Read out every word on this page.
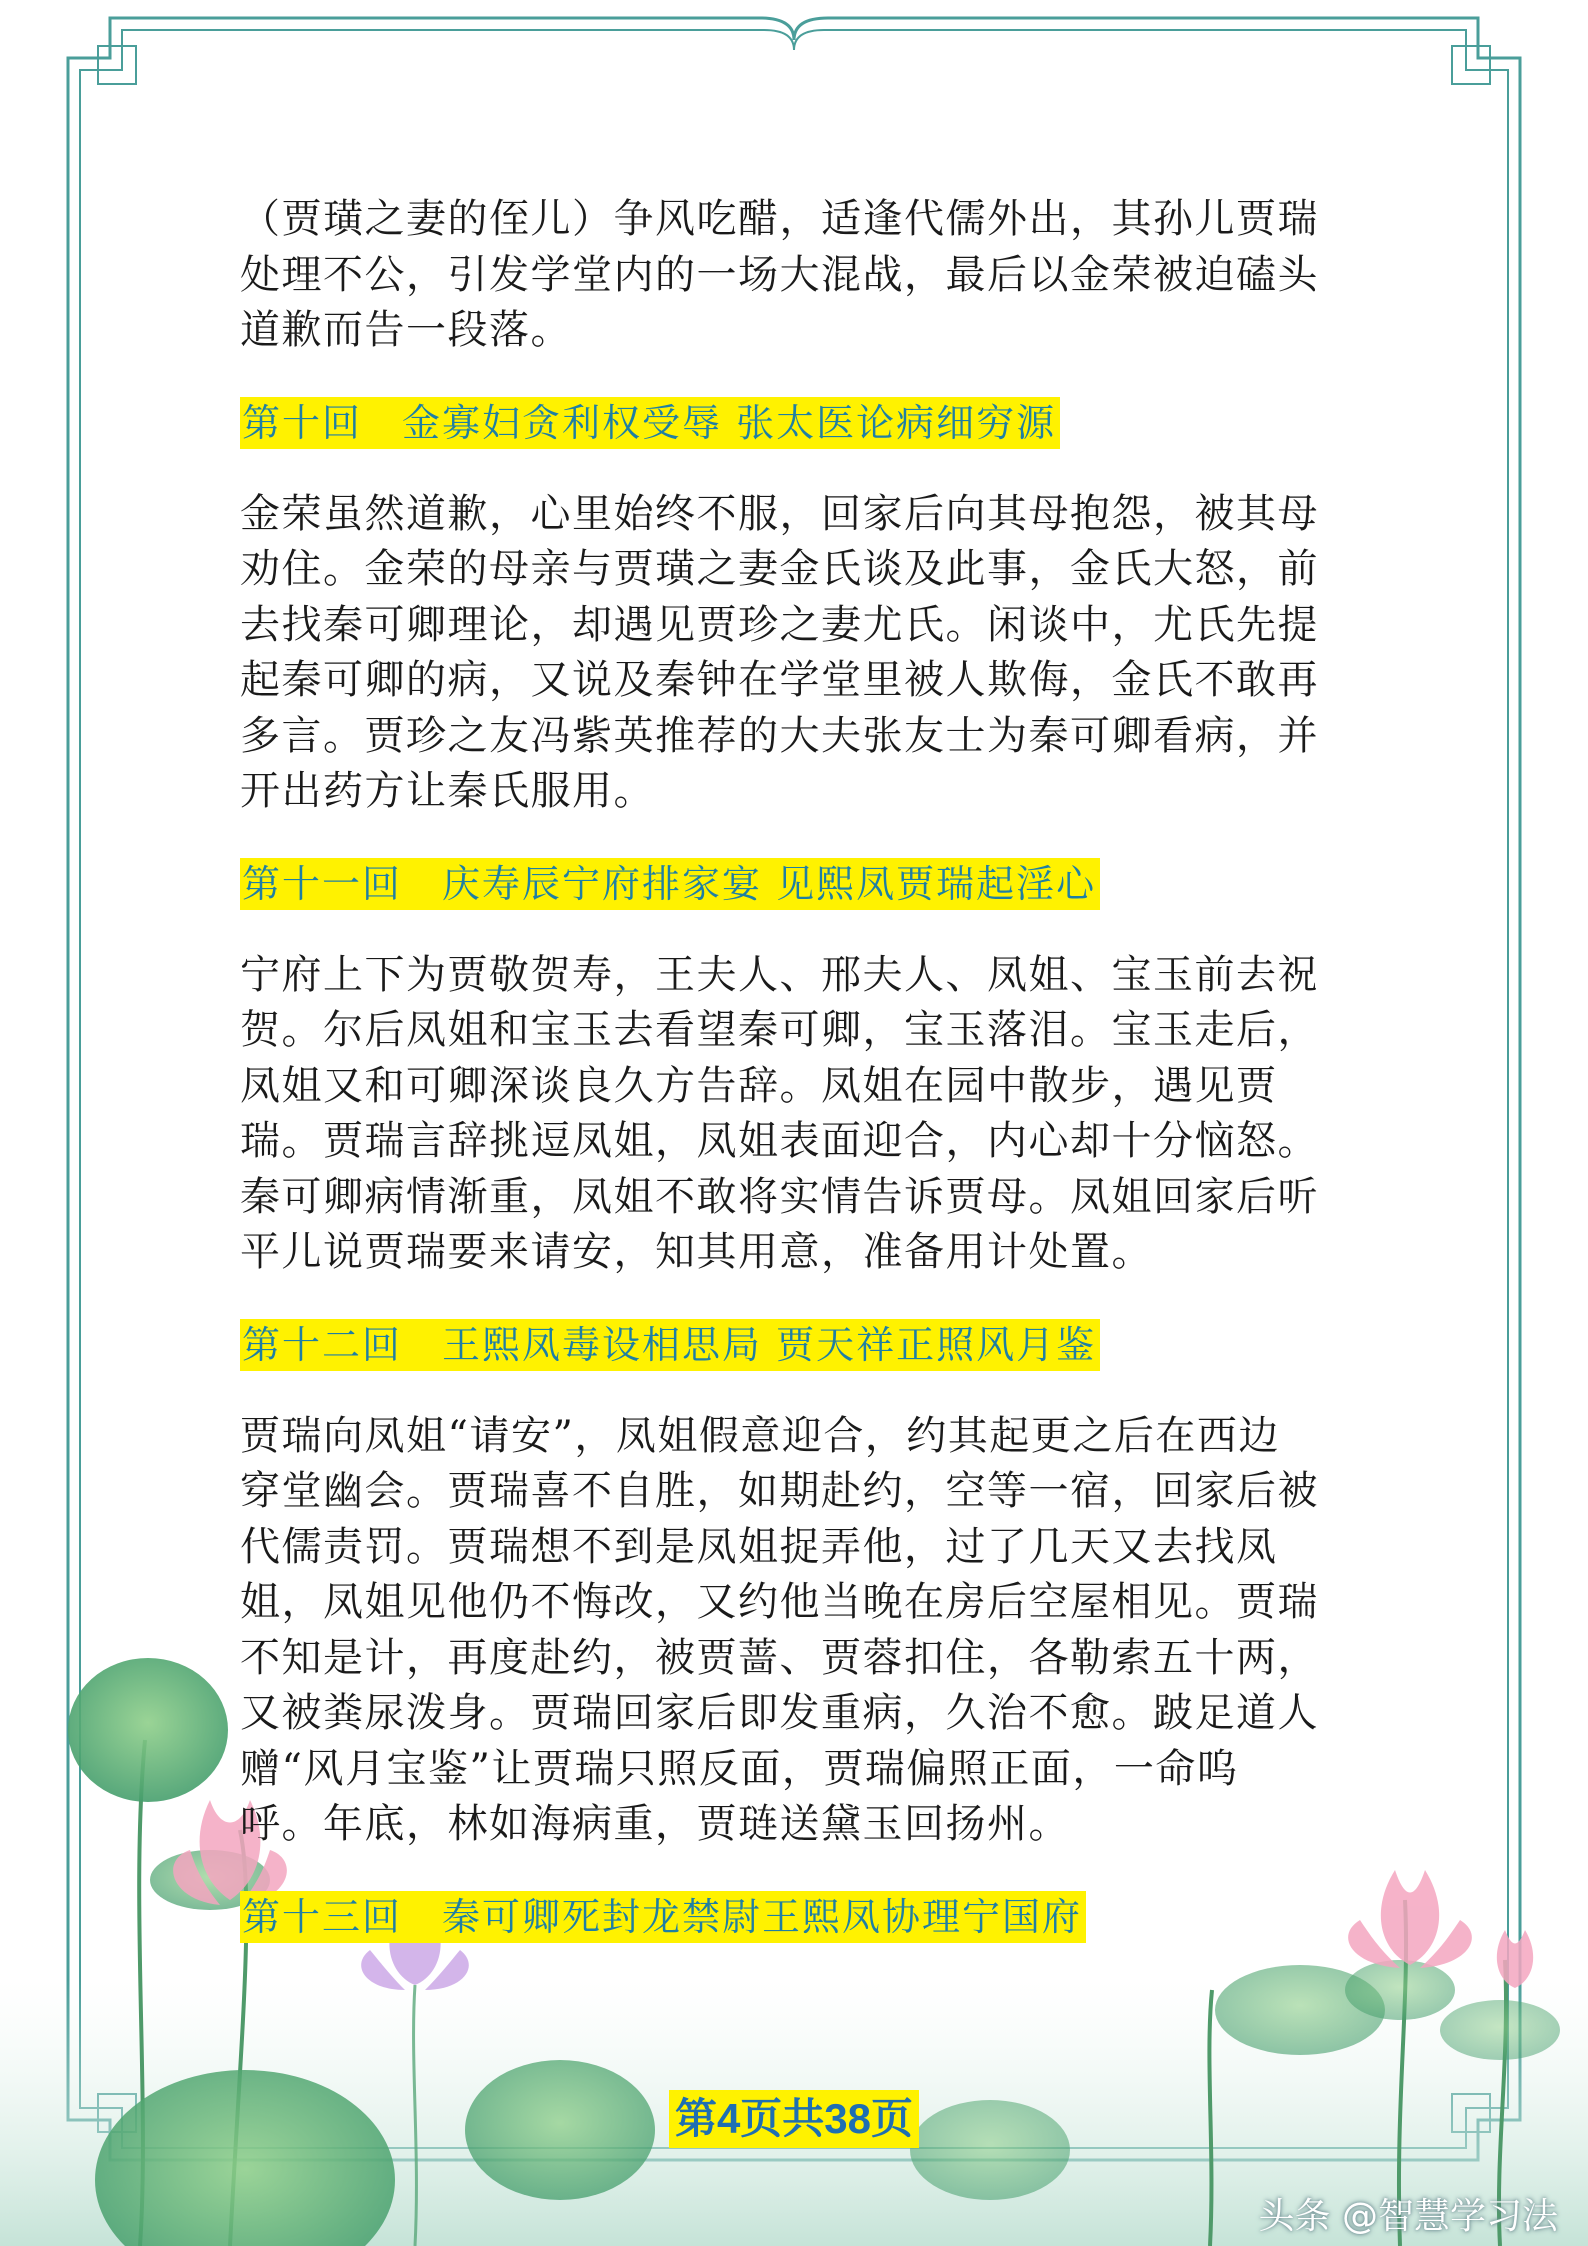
（贾璜之妻的侄儿）争风吃醋，适逢代儒外出，其孙儿贾瑞处理不公，引发学堂内的一场大混战，最后以金荣被迫磕头道歉而告一段落。

第十回　金寡妇贪利权受辱 张太医论病细穷源

金荣虽然道歉，心里始终不服，回家后向其母抱怨，被其母劝住。金荣的母亲与贾璜之妻金氏谈及此事，金氏大怒，前去找秦可卿理论，却遇见贾珍之妻尤氏。闲谈中，尤氏先提起秦可卿的病，又说及秦钟在学堂里被人欺侮，金氏不敢再多言。贾珍之友冯紫英推荐的大夫张友士为秦可卿看病，并开出药方让秦氏服用。

第十一回　庆寿辰宁府排家宴 见熙凤贾瑞起淫心

宁府上下为贾敬贺寿，王夫人、邢夫人、凤姐、宝玉前去祝贺。尔后凤姐和宝玉去看望秦可卿，宝玉落泪。宝玉走后，凤姐又和可卿深谈良久方告辞。凤姐在园中散步，遇见贾瑞。贾瑞言辞挑逗凤姐，凤姐表面迎合，内心却十分恼怒。秦可卿病情渐重，凤姐不敢将实情告诉贾母。凤姐回家后听平儿说贾瑞要来请安，知其用意，准备用计处置。

第十二回　王熙凤毒设相思局 贾天祥正照风月鉴

贾瑞向凤姐“请安”，凤姐假意迎合，约其起更之后在西边穿堂幽会。贾瑞喜不自胜，如期赴约，空等一宿，回家后被代儒责罚。贾瑞想不到是凤姐捉弄他，过了几天又去找凤姐，凤姐见他仍不悔改，又约他当晚在房后空屋相见。贾瑞不知是计，再度赴约，被贾蔷、贾蓉扣住，各勒索五十两，又被粪尿泼身。贾瑞回家后即发重病，久治不愈。跛足道人赠“风月宝鉴”让贾瑞只照反面，贾瑞偏照正面，一命呜呼。年底，林如海病重，贾琏送黛玉回扬州。

第十三回　秦可卿死封龙禁尉王熙凤协理宁国府
第4页共38页
头条 @智慧学习法
